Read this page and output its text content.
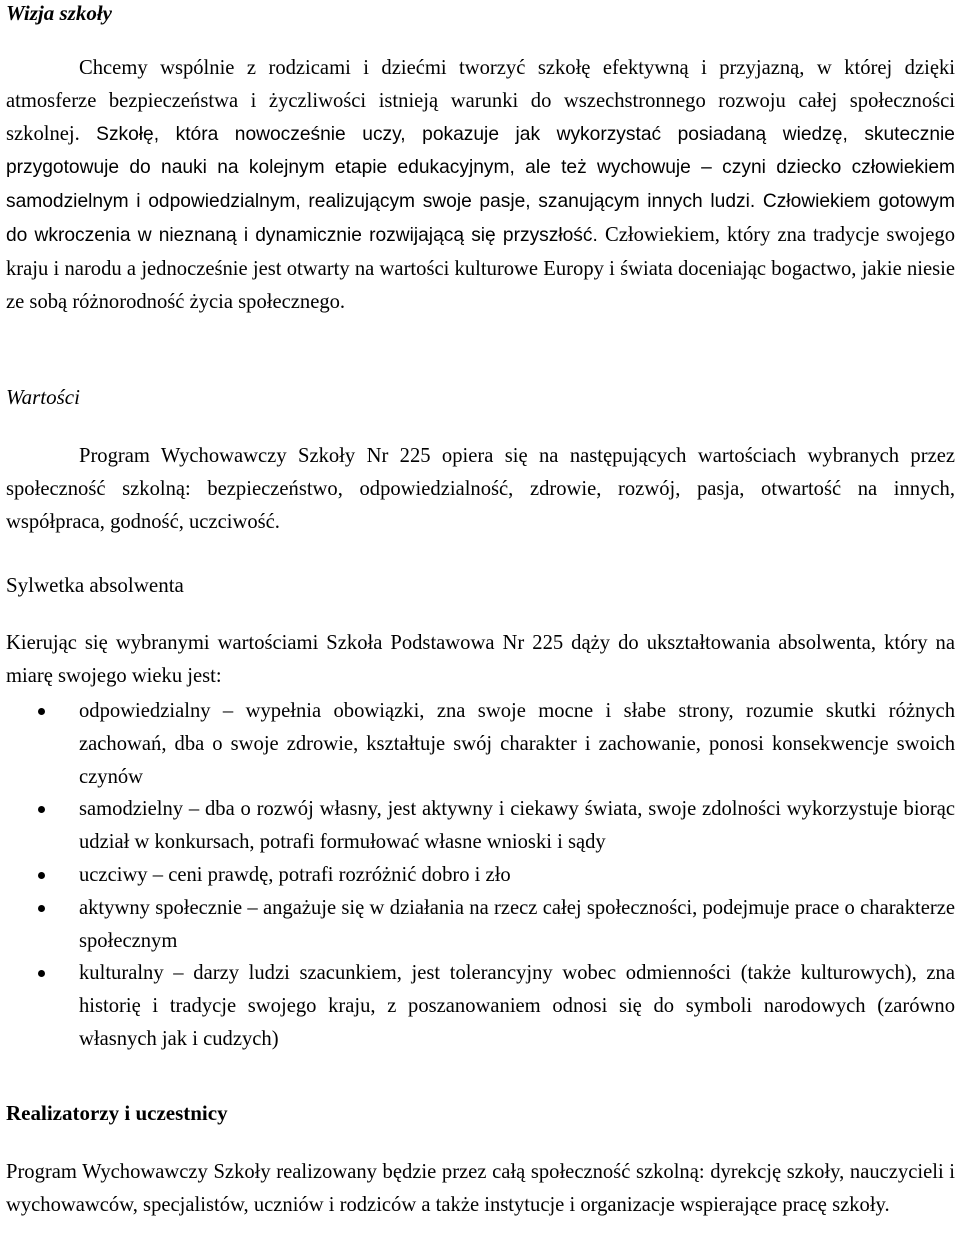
Wizja szkoły

Chcemy wspólnie z rodzicami i dziećmi tworzyć szkołę efektywną i przyjazną, w której dzięki atmosferze bezpieczeństwa i życzliwości istnieją warunki do wszechstronnego rozwoju całej społeczności szkolnej. Szkołę, która nowocześnie uczy, pokazuje jak wykorzystać posiadaną wiedzę, skutecznie przygotowuje do nauki na kolejnym etapie edukacyjnym, ale też wychowuje – czyni dziecko człowiekiem samodzielnym i odpowiedzialnym, realizującym swoje pasje, szanującym innych ludzi. Człowiekiem gotowym do wkroczenia w nieznaną i dynamicznie rozwijającą się przyszłość. Człowiekiem, który zna tradycje swojego kraju i narodu a jednocześnie jest otwarty na wartości kulturowe Europy i świata doceniając bogactwo, jakie niesie ze sobą różnorodność życia społecznego.

Wartości

Program Wychowawczy Szkoły Nr 225 opiera się na następujących wartościach wybranych przez społeczność szkolną: bezpieczeństwo, odpowiedzialność, zdrowie, rozwój, pasja, otwartość na innych, współpraca, godność, uczciwość.

Sylwetka absolwenta

Kierując się wybranymi wartościami Szkoła Podstawowa Nr 225 dąży do ukształtowania absolwenta, który na miarę swojego wieku jest:

odpowiedzialny – wypełnia obowiązki, zna swoje mocne i słabe strony, rozumie skutki różnych zachowań, dba o swoje zdrowie, kształtuje swój charakter i zachowanie, ponosi konsekwencje swoich czynów
samodzielny – dba o rozwój własny, jest aktywny i ciekawy świata, swoje zdolności wykorzystuje biorąc udział w konkursach, potrafi formułować własne wnioski i sądy
uczciwy – ceni prawdę, potrafi rozróżnić dobro i zło
aktywny społecznie – angażuje się w działania na rzecz całej społeczności, podejmuje prace o charakterze społecznym
kulturalny – darzy ludzi szacunkiem, jest tolerancyjny wobec odmienności (także kulturowych), zna historię i tradycje swojego kraju, z poszanowaniem odnosi się do symboli narodowych (zarówno własnych jak i cudzych)
Realizatorzy i uczestnicy

Program Wychowawczy Szkoły realizowany będzie przez całą społeczność szkolną: dyrekcję szkoły, nauczycieli i wychowawców, specjalistów, uczniów i rodziców a także instytucje i organizacje wspierające pracę szkoły.
